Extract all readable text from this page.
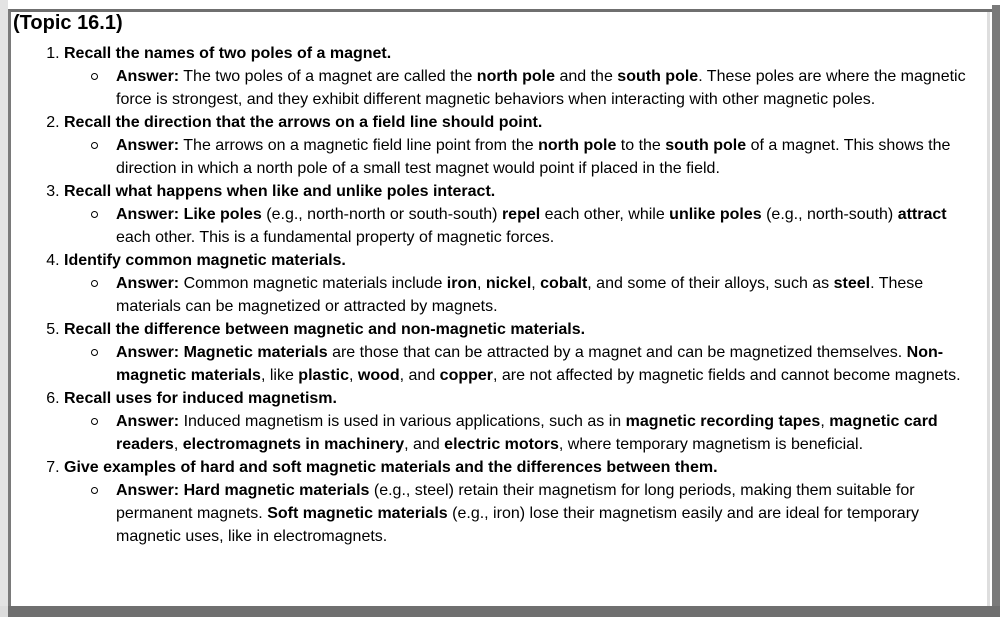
(Topic 16.1)
1. Recall the names of two poles of a magnet.
Answer: The two poles of a magnet are called the north pole and the south pole. These poles are where the magnetic force is strongest, and they exhibit different magnetic behaviors when interacting with other magnetic poles.
2. Recall the direction that the arrows on a field line should point.
Answer: The arrows on a magnetic field line point from the north pole to the south pole of a magnet. This shows the direction in which a north pole of a small test magnet would point if placed in the field.
3. Recall what happens when like and unlike poles interact.
Answer: Like poles (e.g., north-north or south-south) repel each other, while unlike poles (e.g., north-south) attract each other. This is a fundamental property of magnetic forces.
4. Identify common magnetic materials.
Answer: Common magnetic materials include iron, nickel, cobalt, and some of their alloys, such as steel. These materials can be magnetized or attracted by magnets.
5. Recall the difference between magnetic and non-magnetic materials.
Answer: Magnetic materials are those that can be attracted by a magnet and can be magnetized themselves. Non-magnetic materials, like plastic, wood, and copper, are not affected by magnetic fields and cannot become magnets.
6. Recall uses for induced magnetism.
Answer: Induced magnetism is used in various applications, such as in magnetic recording tapes, magnetic card readers, electromagnets in machinery, and electric motors, where temporary magnetism is beneficial.
7. Give examples of hard and soft magnetic materials and the differences between them.
Answer: Hard magnetic materials (e.g., steel) retain their magnetism for long periods, making them suitable for permanent magnets. Soft magnetic materials (e.g., iron) lose their magnetism easily and are ideal for temporary magnetic uses, like in electromagnets.
